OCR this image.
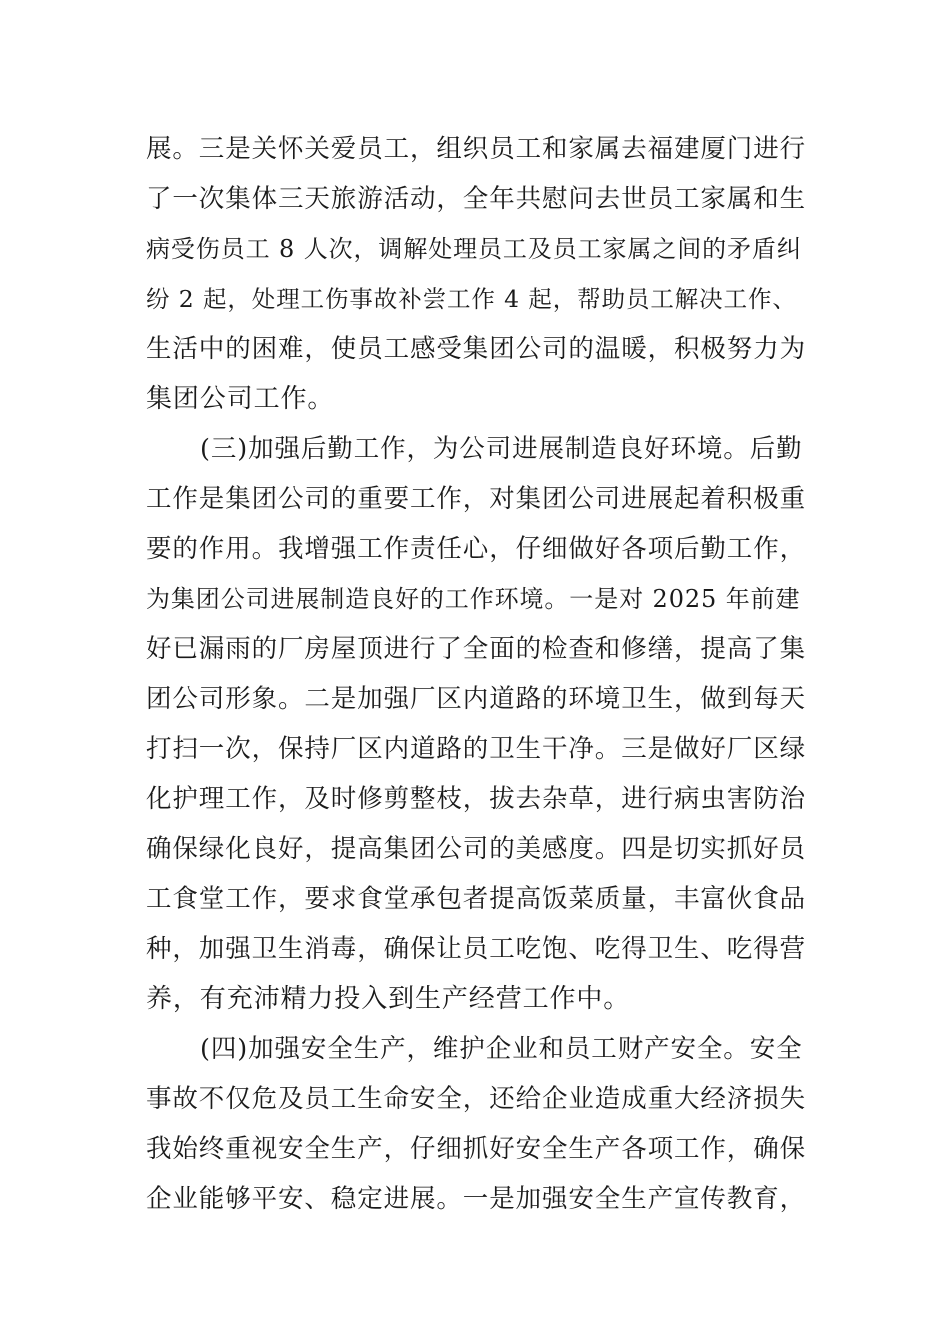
展。三是关怀关爱员工，组织员工和家属去福建厦门进行
了一次集体三天旅游活动，全年共慰问去世员工家属和生
病受伤员工 8 人次，调解处理员工及员工家属之间的矛盾纠
纷 2 起，处理工伤事故补尝工作 4 起，帮助员工解决工作、
生活中的困难，使员工感受集团公司的温暖，积极努力为
集团公司工作。
(三)加强后勤工作，为公司进展制造良好环境。后勤
工作是集团公司的重要工作，对集团公司进展起着积极重
要的作用。我增强工作责任心，仔细做好各项后勤工作，
为集团公司进展制造良好的工作环境。一是对 2025 年前建
好已漏雨的厂房屋顶进行了全面的检查和修缮，提高了集
团公司形象。二是加强厂区内道路的环境卫生，做到每天
打扫一次，保持厂区内道路的卫生干净。三是做好厂区绿
化护理工作，及时修剪整枝，拔去杂草，进行病虫害防治
确保绿化良好，提高集团公司的美感度。四是切实抓好员
工食堂工作，要求食堂承包者提高饭菜质量，丰富伙食品
种，加强卫生消毒，确保让员工吃饱、吃得卫生、吃得营
养，有充沛精力投入到生产经营工作中。
(四)加强安全生产，维护企业和员工财产安全。安全
事故不仅危及员工生命安全，还给企业造成重大经济损失
我始终重视安全生产，仔细抓好安全生产各项工作，确保
企业能够平安、稳定进展。一是加强安全生产宣传教育，
